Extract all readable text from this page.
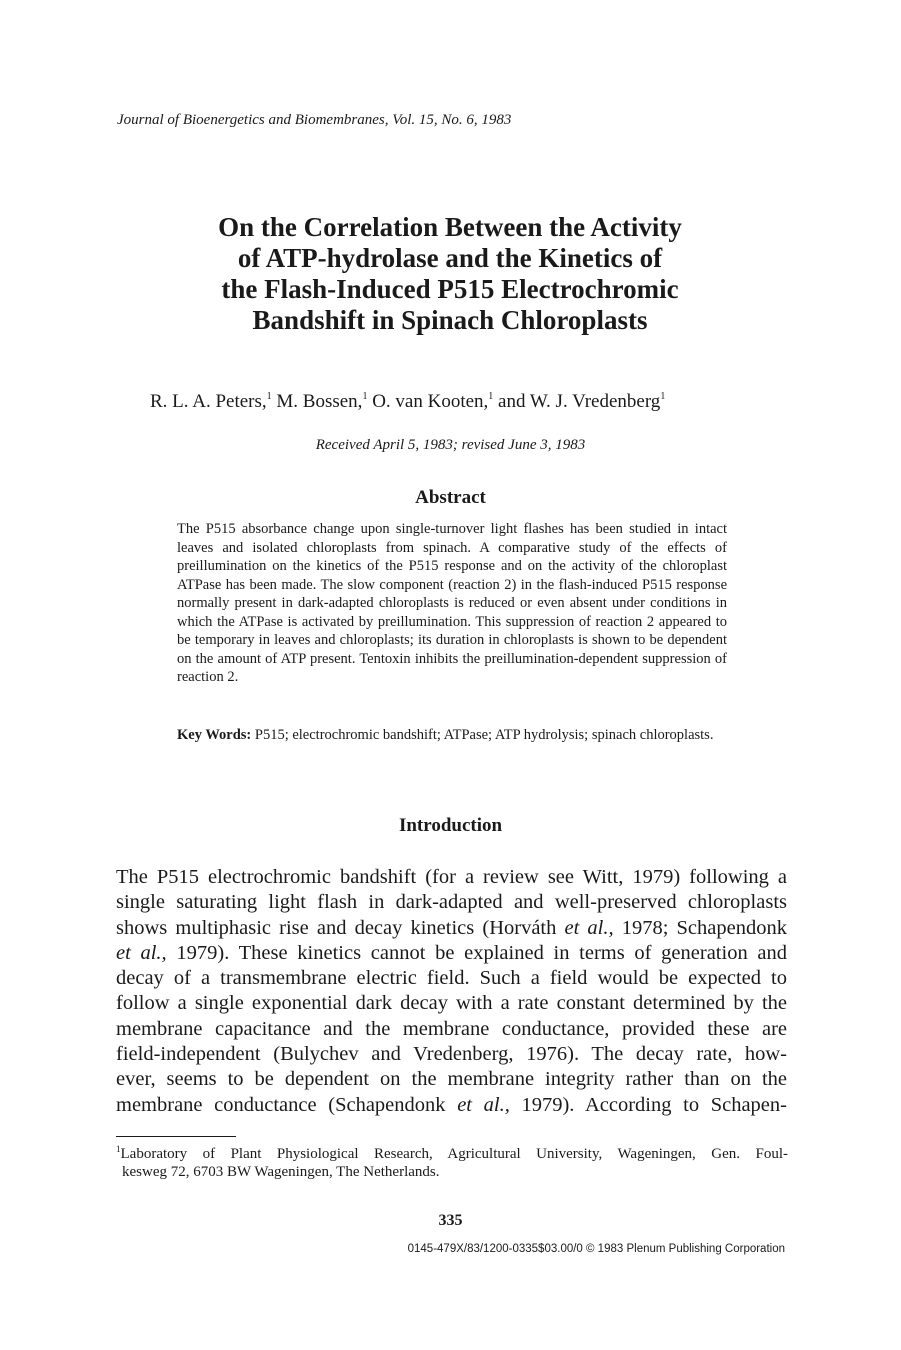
Journal of Bioenergetics and Biomembranes, Vol. 15, No. 6, 1983
On the Correlation Between the Activity
of ATP-hydrolase and the Kinetics of
the Flash-Induced P515 Electrochromic
Bandshift in Spinach Chloroplasts
R. L. A. Peters,$^1$ M. Bossen,$^1$ O. van Kooten,$^1$ and W. J. Vredenberg$^1$
Received April 5, 1983; revised June 3, 1983
Abstract

The P515 absorbance change upon single-turnover light flashes has been studied in intact leaves and isolated chloroplasts from spinach. A comparative study of the effects of preillumination on the kinetics of the P515 response and on the activity of the chloroplast ATPase has been made. The slow component (reaction 2) in the flash-induced P515 response normally present in dark-adapted chloroplasts is reduced or even absent under conditions in which the ATPase is activated by preillumination. This suppression of reaction 2 appeared to be temporary in leaves and chloroplasts; its duration in chloroplasts is shown to be dependent on the amount of ATP present. Tentoxin inhibits the preillumination-dependent suppression of reaction 2.

Key Words: P515; electrochromic bandshift; ATPase; ATP hydrolysis; spinach chloroplasts.
Introduction
The P515 electrochromic bandshift (for a review see Witt, 1979) following a
single saturating light flash in dark-adapted and well-preserved chloroplasts
shows multiphasic rise and decay kinetics (Horváth et al., 1978; Schapendonk
et al., 1979). These kinetics cannot be explained in terms of generation and
decay of a transmembrane electric field. Such a field would be expected to
follow a single exponential dark decay with a rate constant determined by the
membrane capacitance and the membrane conductance, provided these are
field-independent (Bulychev and Vredenberg, 1976). The decay rate, how-
ever, seems to be dependent on the membrane integrity rather than on the
membrane conductance (Schapendonk et al., 1979). According to Schapen-
$^1$Laboratory of Plant Physiological Research, Agricultural University, Wageningen, Gen. Foul-
kesweg 72, 6703 BW Wageningen, The Netherlands.
335
0145-479X/83/1200-0335$03.00/0 © 1983 Plenum Publishing Corporation
